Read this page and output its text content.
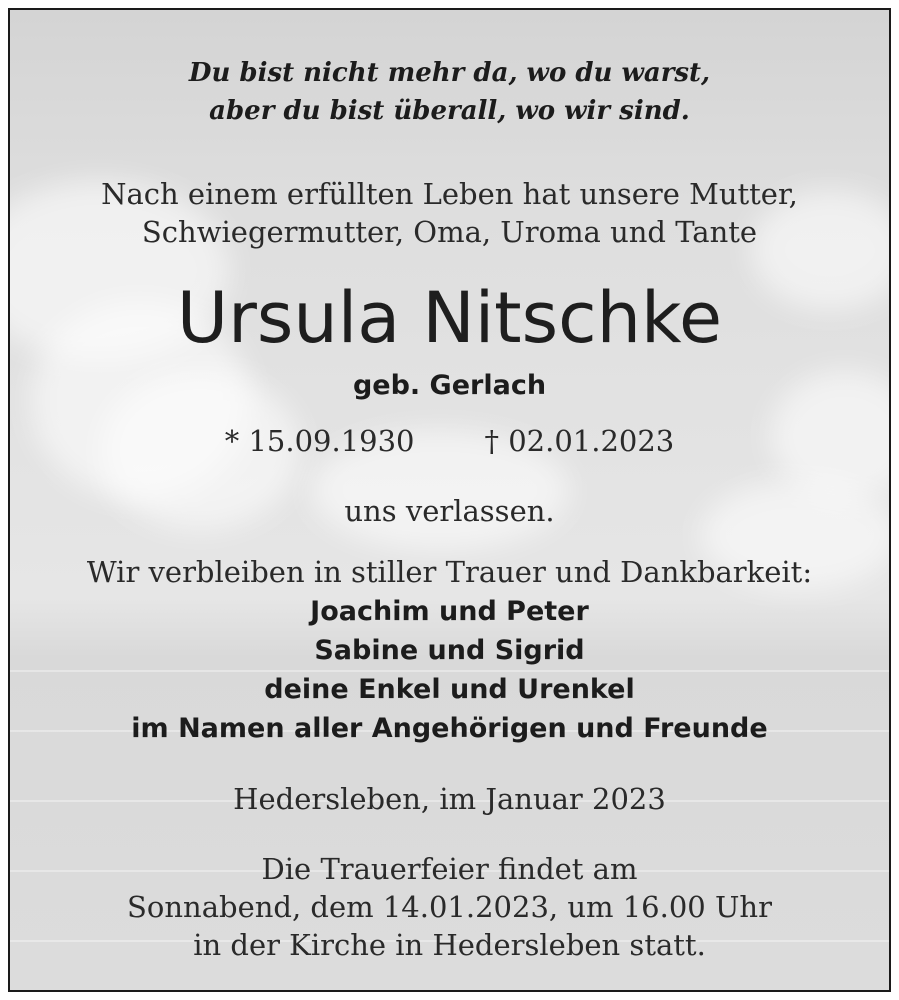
Du bist nicht mehr da, wo du warst,

aber du bist überall, wo wir sind.

Nach einem erfüllten Leben hat unsere Mutter,

Schwiegermutter, Oma, Uroma und Tante

Ursula Nitschke

geb. Gerlach

* 15.09.1930 † 02.01.2023

uns verlassen.

Wir verbleiben in stiller Trauer und Dankbarkeit:

Joachim und Peter

Sabine und Sigrid

deine Enkel und Urenkel

im Namen aller Angehörigen und Freunde

Hedersleben, im Januar 2023

Die Trauerfeier findet am

Sonnabend, dem 14.01.2023, um 16.00 Uhr

in der Kirche in Hedersleben statt.
